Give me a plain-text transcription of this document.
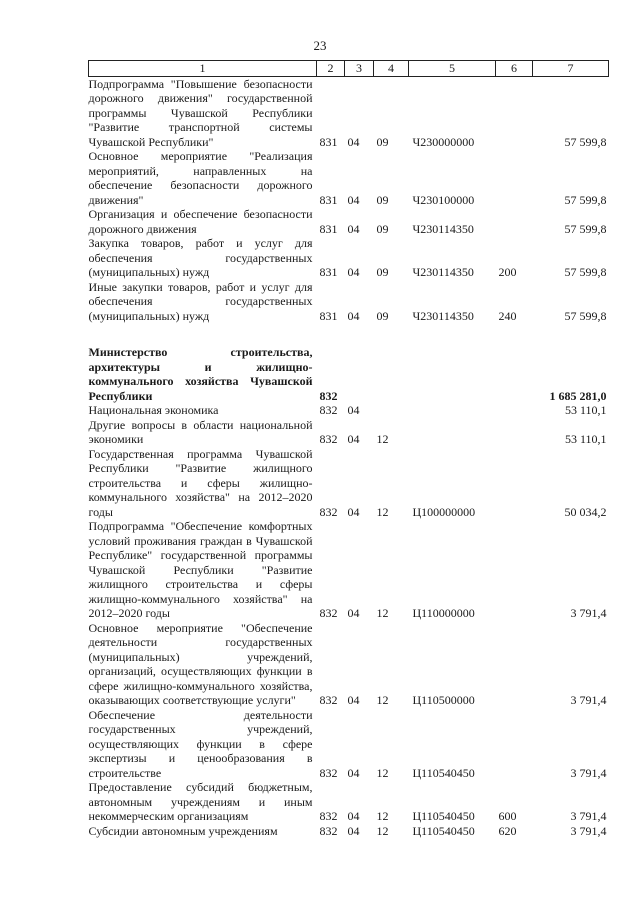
23
1	2	3	4	5	6	7
Подпрограмма "Повышение безопасности дорожного движения" государственной программы Чувашской Республики "Развитие транспортной системы Чувашской Республики"	831	04	09	Ч230000000		57 599,8
Основное мероприятие "Реализация мероприятий, направленных на обеспечение безопасности дорожного движения"	831	04	09	Ч230100000		57 599,8
Организация и обеспечение безопасности дорожного движения	831	04	09	Ч230114350		57 599,8
Закупка товаров, работ и услуг для обеспечения государственных (муниципальных) нужд	831	04	09	Ч230114350	200	57 599,8
Иные закупки товаров, работ и услуг для обеспечения государственных (муниципальных) нужд	831	04	09	Ч230114350	240	57 599,8

Министерство строительства, архитектуры и жилищно-коммунального хозяйства Чувашской Республики	832					1 685 281,0
Национальная экономика	832	04				53 110,1
Другие вопросы в области национальной экономики	832	04	12			53 110,1
Государственная программа Чувашской Республики "Развитие жилищного строительства и сферы жилищно-коммунального хозяйства" на 2012–2020 годы	832	04	12	Ц100000000		50 034,2
Подпрограмма "Обеспечение комфортных условий проживания граждан в Чувашской Республике" государственной программы Чувашской Республики "Развитие жилищного строительства и сферы жилищно-коммунального хозяйства" на 2012–2020 годы	832	04	12	Ц110000000		3 791,4
Основное мероприятие "Обеспечение деятельности государственных (муниципальных) учреждений, организаций, осуществляющих функции в сфере жилищно-коммунального хозяйства, оказывающих соответствующие услуги"	832	04	12	Ц110500000		3 791,4
Обеспечение деятельности государственных учреждений, осуществляющих функции в сфере экспертизы и ценообразования в строительстве	832	04	12	Ц110540450		3 791,4
Предоставление субсидий бюджетным, автономным учреждениям и иным некоммерческим организациям	832	04	12	Ц110540450	600	3 791,4
Субсидии автономным учреждениям	832	04	12	Ц110540450	620	3 791,4
